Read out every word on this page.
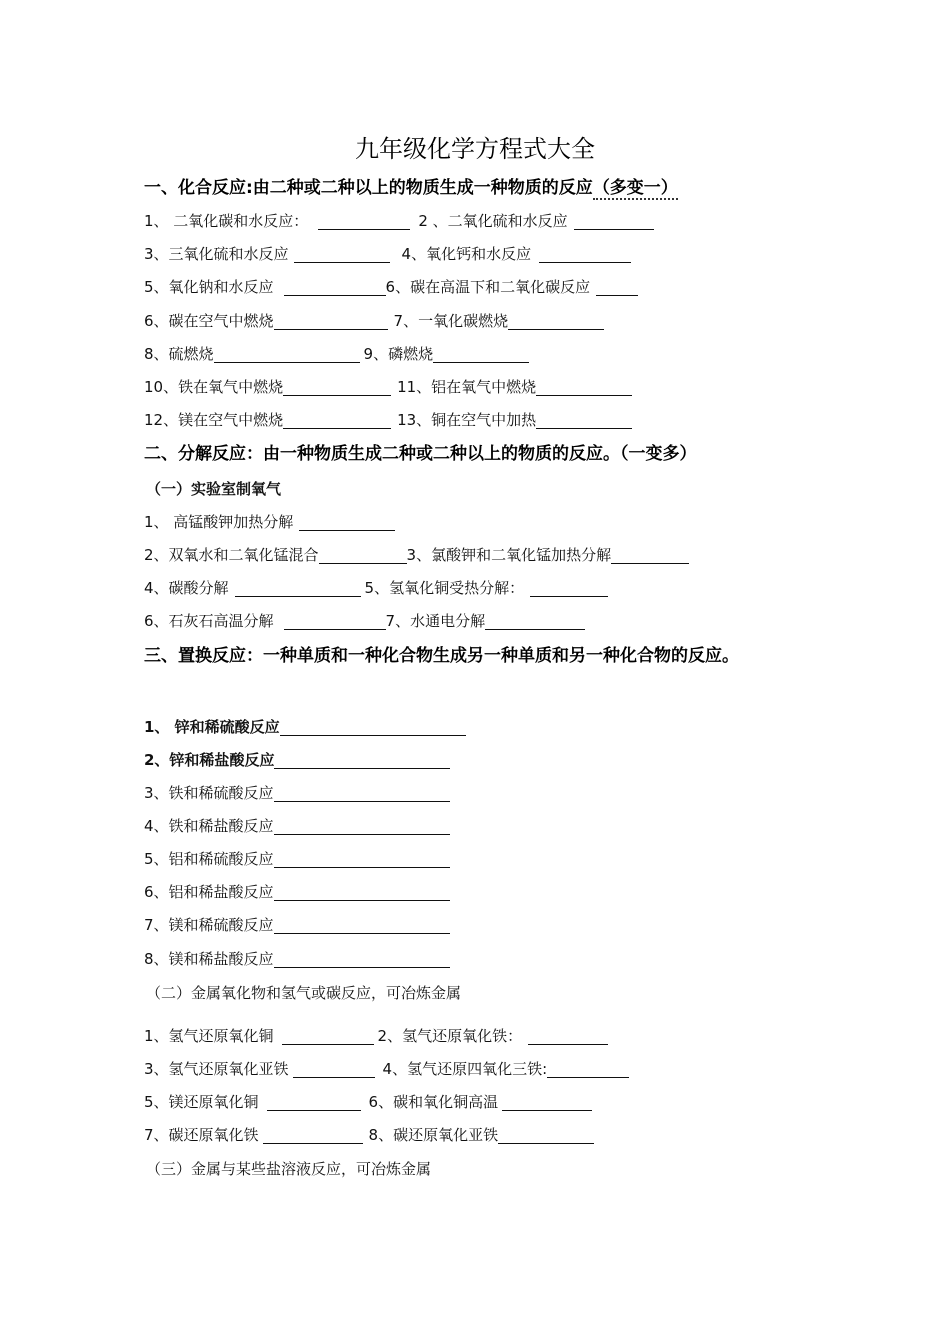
九年级化学方程式大全
一、化合反应:由二种或二种以上的物质生成一种物质的反应（多变一）
1、 二氧化碳和水反应：	2 、二氧化硫和水反应
3、三氧化硫和水反应	4、氧化钙和水反应
5、氧化钠和水反应	6、碳在高温下和二氧化碳反应
6、碳在空气中燃烧	7、一氧化碳燃烧
8、硫燃烧	9、磷燃烧
10、铁在氧气中燃烧	11、铝在氧气中燃烧
12、镁在空气中燃烧	13、铜在空气中加热
二、分解反应：由一种物质生成二种或二种以上的物质的反应。（一变多）
（一）实验室制氧气
1、 高锰酸钾加热分解
2、双氧水和二氧化锰混合	3、氯酸钾和二氧化锰加热分解
4、碳酸分解	5、氢氧化铜受热分解：
6、石灰石高温分解	7、水通电分解
三、置换反应：一种单质和一种化合物生成另一种单质和另一种化合物的反应。
1、 锌和稀硫酸反应
2、锌和稀盐酸反应
3、铁和稀硫酸反应
4、铁和稀盐酸反应
5、铝和稀硫酸反应
6、铝和稀盐酸反应
7、镁和稀硫酸反应
8、镁和稀盐酸反应
（二）金属氧化物和氢气或碳反应，可冶炼金属
1、氢气还原氧化铜	2、氢气还原氧化铁：
3、氢气还原氧化亚铁	4、氢气还原四氧化三铁:
5、镁还原氧化铜	6、碳和氧化铜高温
7、碳还原氧化铁	8、碳还原氧化亚铁
（三）金属与某些盐溶液反应，可冶炼金属
